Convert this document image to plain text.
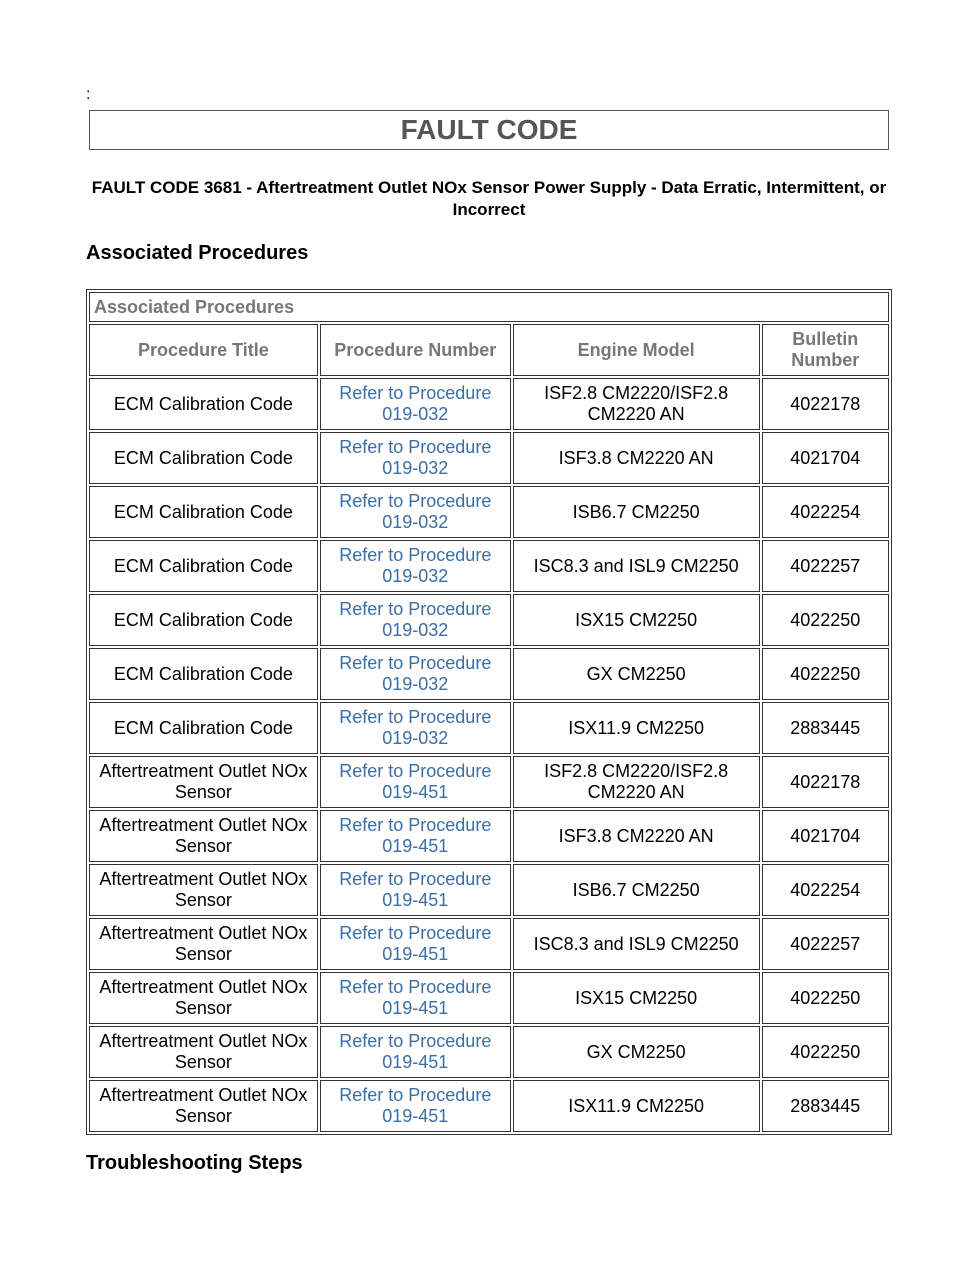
:
FAULT CODE
FAULT CODE 3681 - Aftertreatment Outlet NOx Sensor Power Supply - Data Erratic, Intermittent, or Incorrect
Associated Procedures
Associated Procedures			
Procedure Title	Procedure Number	Engine Model	Bulletin Number
ECM Calibration Code	Refer to Procedure 019-032	ISF2.8 CM2220/ISF2.8 CM2220 AN	4022178
ECM Calibration Code	Refer to Procedure 019-032	ISF3.8 CM2220 AN	4021704
ECM Calibration Code	Refer to Procedure 019-032	ISB6.7 CM2250	4022254
ECM Calibration Code	Refer to Procedure 019-032	ISC8.3 and ISL9 CM2250	4022257
ECM Calibration Code	Refer to Procedure 019-032	ISX15 CM2250	4022250
ECM Calibration Code	Refer to Procedure 019-032	GX CM2250	4022250
ECM Calibration Code	Refer to Procedure 019-032	ISX11.9 CM2250	2883445
Aftertreatment Outlet NOx Sensor	Refer to Procedure 019-451	ISF2.8 CM2220/ISF2.8 CM2220 AN	4022178
Aftertreatment Outlet NOx Sensor	Refer to Procedure 019-451	ISF3.8 CM2220 AN	4021704
Aftertreatment Outlet NOx Sensor	Refer to Procedure 019-451	ISB6.7 CM2250	4022254
Aftertreatment Outlet NOx Sensor	Refer to Procedure 019-451	ISC8.3 and ISL9 CM2250	4022257
Aftertreatment Outlet NOx Sensor	Refer to Procedure 019-451	ISX15 CM2250	4022250
Aftertreatment Outlet NOx Sensor	Refer to Procedure 019-451	GX CM2250	4022250
Aftertreatment Outlet NOx Sensor	Refer to Procedure 019-451	ISX11.9 CM2250	2883445
Troubleshooting Steps
